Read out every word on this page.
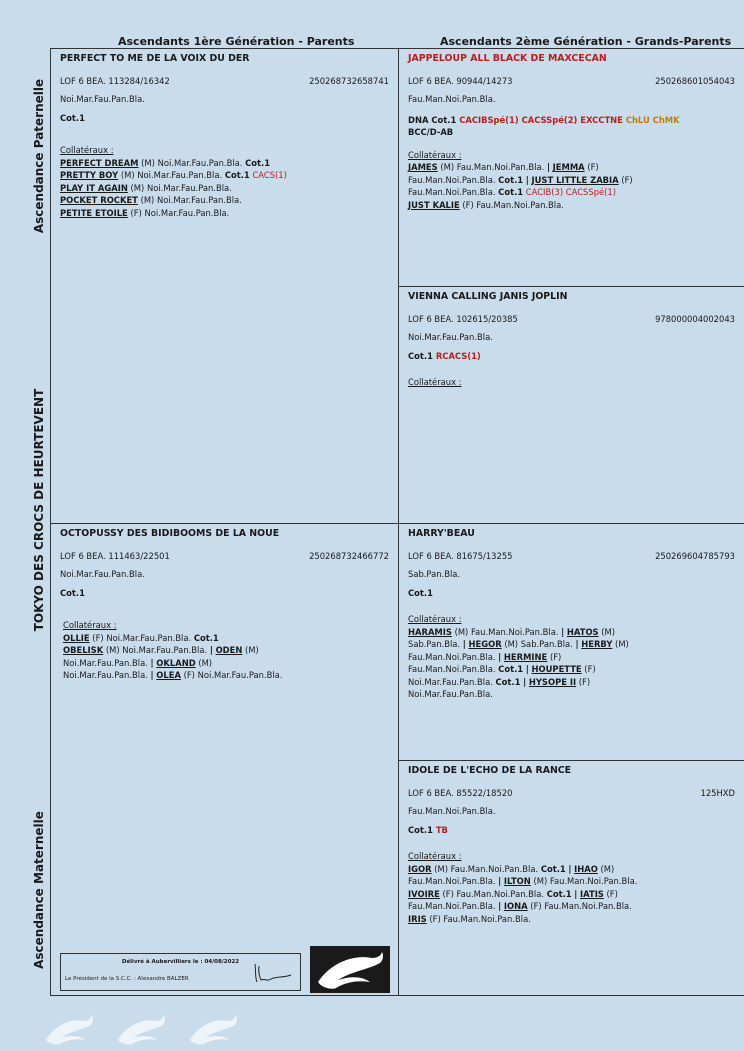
Ascendants 1ère Génération - Parents	Ascendants 2ème Génération - Grands-Parents
Ascendance Paternelle
TOKYO DES CROCS DE HEURTEVENT
Ascendance Maternelle
PERFECT TO ME DE LA VOIX DU DER
LOF 6 BEA. 113284/16342	250268732658741
Noi.Mar.Fau.Pan.Bla.
Cot.1
Collatéraux :
PERFECT DREAM (M) Noi.Mar.Fau.Pan.Bla. Cot.1
PRETTY BOY (M) Noi.Mar.Fau.Pan.Bla. Cot.1 CACS(1)
PLAY IT AGAIN (M) Noi.Mar.Fau.Pan.Bla.
POCKET ROCKET (M) Noi.Mar.Fau.Pan.Bla.
PETITE ETOILE (F) Noi.Mar.Fau.Pan.Bla.
JAPPELOUP ALL BLACK DE MAXCECAN
LOF 6 BEA. 90944/14273	250268601054043
Fau.Man.Noi.Pan.Bla.
DNA Cot.1 CACIBSpé(1) CACSSpé(2) EXCCTNE ChLU ChMK
BCC/D-AB
Collatéraux :
JAMES (M) Fau.Man.Noi.Pan.Bla. | JEMMA (F)
Fau.Man.Noi.Pan.Bla. Cot.1 | JUST LITTLE ZABIA (F)
Fau.Man.Noi.Pan.Bla. Cot.1 CACIB(3) CACSSpé(1)
JUST KALIE (F) Fau.Man.Noi.Pan.Bla.
VIENNA CALLING JANIS JOPLIN
LOF 6 BEA. 102615/20385	978000004002043
Noi.Mar.Fau.Pan.Bla.
Cot.1 RCACS(1)
Collatéraux :
OCTOPUSSY DES BIDIBOOMS DE LA NOUE
LOF 6 BEA. 111463/22501	250268732466772
Noi.Mar.Fau.Pan.Bla.
Cot.1
Collatéraux :
OLLIE (F) Noi.Mar.Fau.Pan.Bla. Cot.1
OBELISK (M) Noi.Mar.Fau.Pan.Bla. | ODEN (M)
Noi.Mar.Fau.Pan.Bla. | OKLAND (M)
Noi.Mar.Fau.Pan.Bla. | OLEA (F) Noi.Mar.Fau.Pan.Bla.
HARRY'BEAU
LOF 6 BEA. 81675/13255	250269604785793
Sab.Pan.Bla.
Cot.1
Collatéraux :
HARAMIS (M) Fau.Man.Noi.Pan.Bla. | HATOS (M)
Sab.Pan.Bla. | HEGOR (M) Sab.Pan.Bla. | HERBY (M)
Fau.Man.Noi.Pan.Bla. | HERMINE (F)
Fau.Man.Noi.Pan.Bla. Cot.1 | HOUPETTE (F)
Noi.Mar.Fau.Pan.Bla. Cot.1 | HYSOPE II (F)
Noi.Mar.Fau.Pan.Bla.
IDOLE DE L'ECHO DE LA RANCE
LOF 6 BEA. 85522/18520	125HXD
Fau.Man.Noi.Pan.Bla.
Cot.1 TB
Collatéraux :
IGOR (M) Fau.Man.Noi.Pan.Bla. Cot.1 | IHAO (M)
Fau.Man.Noi.Pan.Bla. | ILTON (M) Fau.Man.Noi.Pan.Bla.
IVOIRE (F) Fau.Man.Noi.Pan.Bla. Cot.1 | IATIS (F)
Fau.Man.Noi.Pan.Bla. | IONA (F) Fau.Man.Noi.Pan.Bla.
IRIS (F) Fau.Man.Noi.Pan.Bla.
Délivré à Aubervilliers le : 04/08/2022
Le Président de la S.C.C. : Alexandre BALZER
